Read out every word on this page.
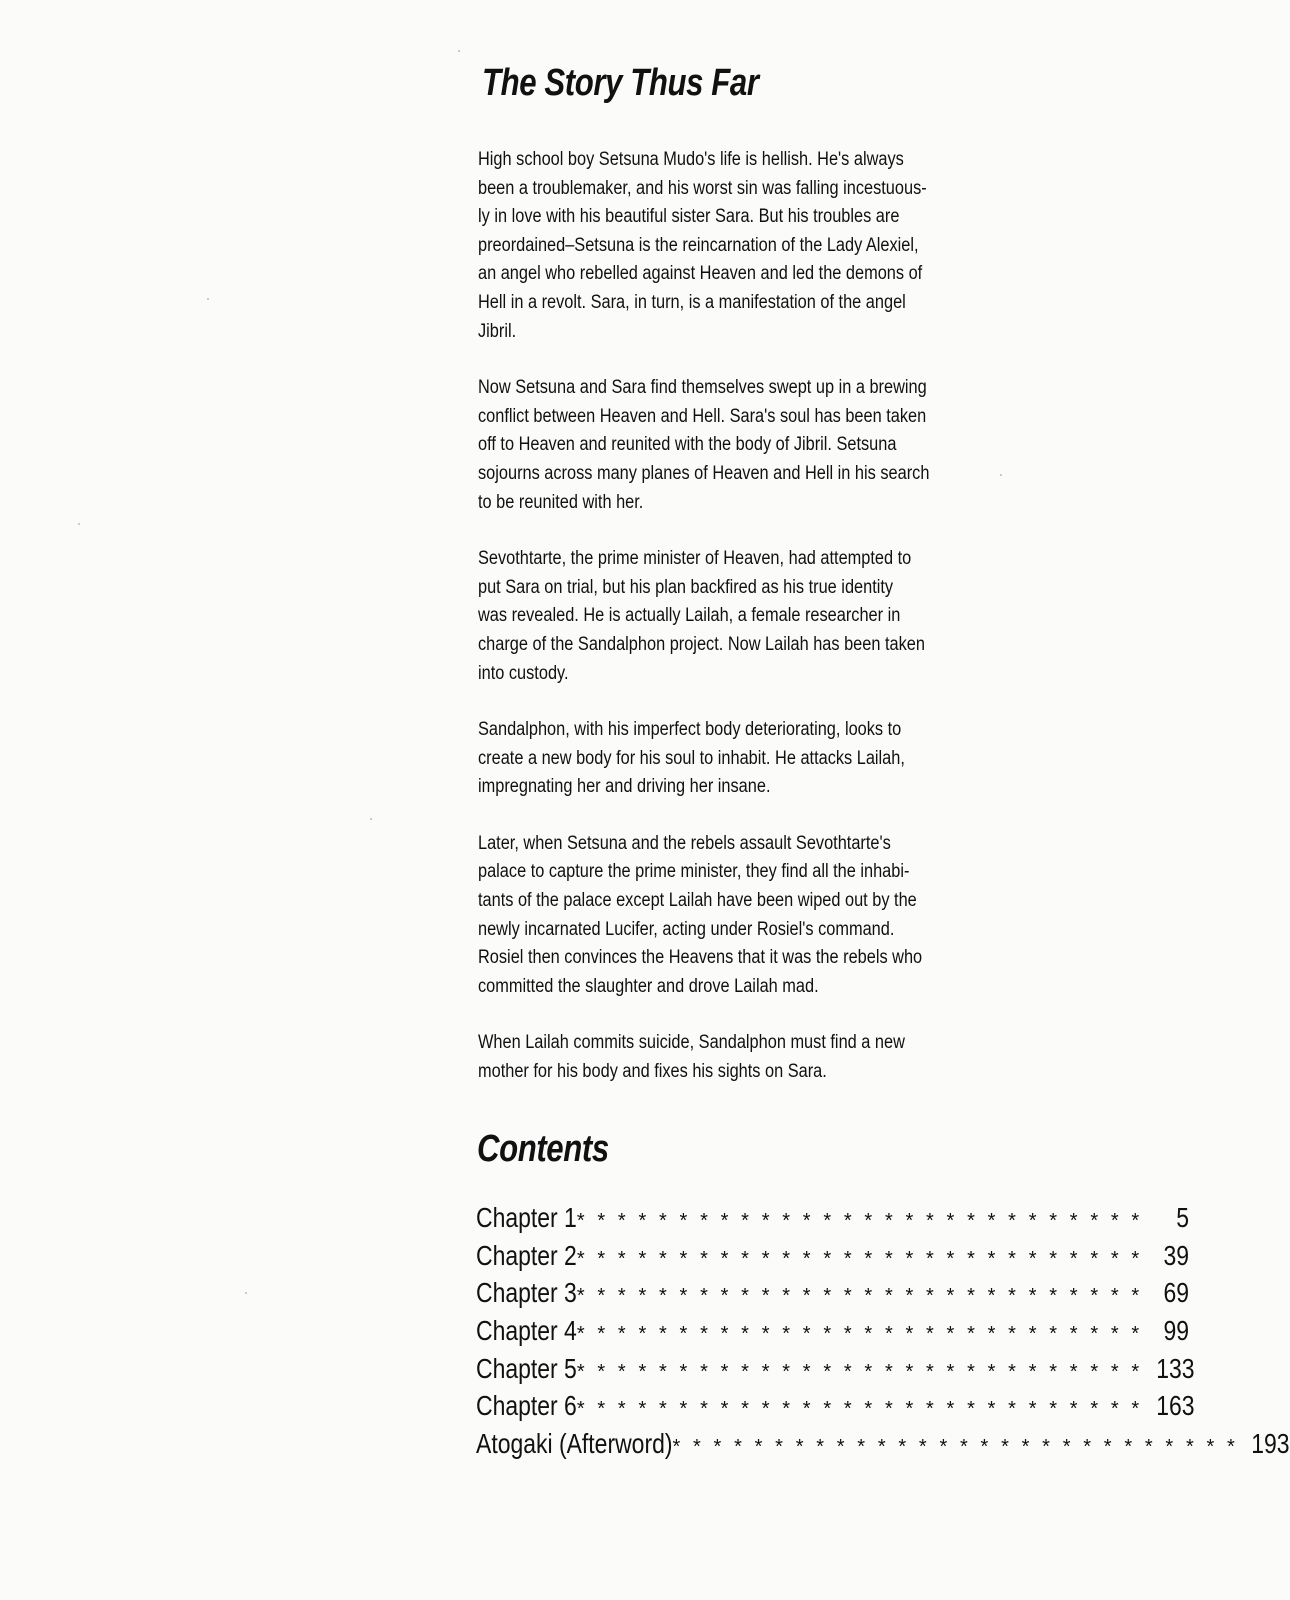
The Story Thus Far

High school boy Setsuna Mudo's life is hellish. He's always
been a troublemaker, and his worst sin was falling incestuous-
ly in love with his beautiful sister Sara. But his troubles are
preordained–Setsuna is the reincarnation of the Lady Alexiel,
an angel who rebelled against Heaven and led the demons of
Hell in a revolt. Sara, in turn, is a manifestation of the angel
Jibril.

Now Setsuna and Sara find themselves swept up in a brewing
conflict between Heaven and Hell. Sara's soul has been taken
off to Heaven and reunited with the body of Jibril. Setsuna
sojourns across many planes of Heaven and Hell in his search
to be reunited with her.

Sevothtarte, the prime minister of Heaven, had attempted to
put Sara on trial, but his plan backfired as his true identity
was revealed. He is actually Lailah, a female researcher in
charge of the Sandalphon project. Now Lailah has been taken
into custody.

Sandalphon, with his imperfect body deteriorating, looks to
create a new body for his soul to inhabit. He attacks Lailah,
impregnating her and driving her insane.

Later, when Setsuna and the rebels assault Sevothtarte's
palace to capture the prime minister, they find all the inhabi-
tants of the palace except Lailah have been wiped out by the
newly incarnated Lucifer, acting under Rosiel's command.
Rosiel then convinces the Heavens that it was the rebels who
committed the slaughter and drove Lailah mad.

When Lailah commits suicide, Sandalphon must find a new
mother for his body and fixes his sights on Sara.

Contents
Chapter 1 * * * * * * * * * * * * * * * * * * * * * * * * * * * *	5
Chapter 2 * * * * * * * * * * * * * * * * * * * * * * * * * * * * 39
Chapter 3 * * * * * * * * * * * * * * * * * * * * * * * * * * * * 69
Chapter 4 * * * * * * * * * * * * * * * * * * * * * * * * * * * * 99
Chapter 5 * * * * * * * * * * * * * * * * * * * * * * * * * * * * 133
Chapter 6 * * * * * * * * * * * * * * * * * * * * * * * * * * * * 163
Atogaki (Afterword) * * * * * * * * * * * * * * * * * * * * * * * * * * * * 193
